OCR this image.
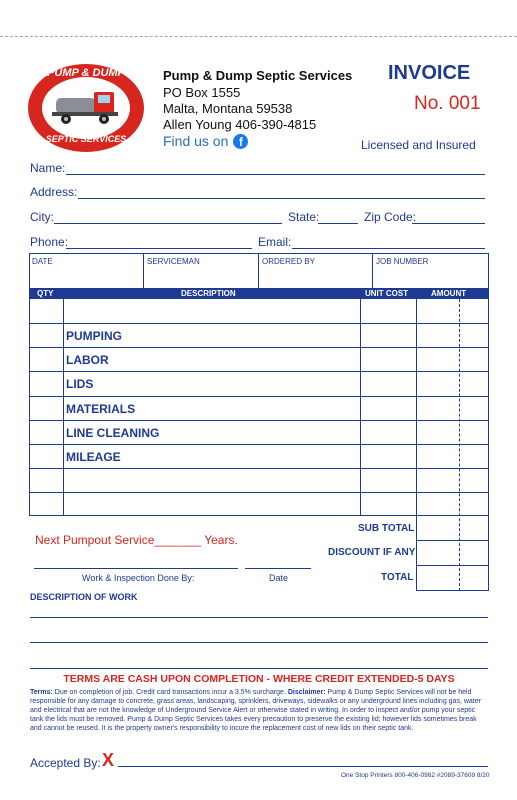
PUMP & DUMP
SEPTIC SERVICES
Pump & Dump Septic Services
PO Box 1555
Malta, Montana 59538
Allen Young 406-390-4815
Find us on f
INVOICE
No. 001
Licensed and Insured
Name:
Address:
City:	State:	Zip Code:
Phone:	Email:
DATE	SERVICEMAN	ORDERED BY	JOB NUMBER
QTY	DESCRIPTION	UNIT COST	AMOUNT
PUMPING
LABOR
LIDS
MATERIALS
LINE CLEANING
MILEAGE
SUB TOTAL
DISCOUNT IF ANY
TOTAL
Next Pumpout Service_______ Years.
Work & Inspection Done By:	Date
DESCRIPTION OF WORK
TERMS ARE CASH UPON COMPLETION - WHERE CREDIT EXTENDED-5 DAYS
Terms: Due on completion of job. Credit card transactions incur a 3.5% surcharge. Disclaimer: Pump & Dump Septic Services will not be held responsible for any damage to concrete, grass areas, landscaping, sprinklers, driveways, sidewalks or any underground lines including gas, water and electrical that are not the knowledge of Underground Service Alert or otherwise stated in writing. In order to inspect and/or pump your septic tank the lids must be removed. Pump & Dump Septic Services takes every precaution to preserve the existing lid; however lids sometimes break and cannot be reused. It is the property owner's responsibility to incure the replacement cost of new lids on their septic tank.
Accepted By: X
One Stop Printers 800-406-0982 #2089-37609 8/20
